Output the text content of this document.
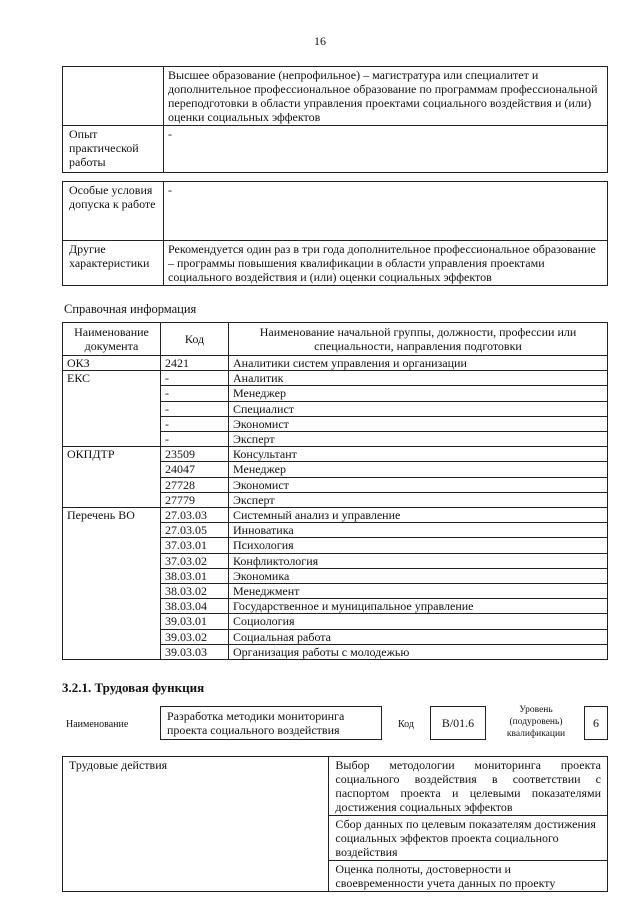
16
	Высшее образование (непрофильное) – магистратура или специалитет и дополнительное профессиональное образование по программам профессиональной переподготовки в области управления проектами социального воздействия и (или) оценки социальных эффектов
Опыт практической работы	-
Особые условия допуска к работе	-
Другие характеристики	Рекомендуется один раз в три года дополнительное профессиональное образование – программы повышения квалификации в области управления проектами социального воздействия и (или) оценки социальных эффектов
Справочная информация
Наименование документа	Код	Наименование начальной группы, должности, профессии или специальности, направления подготовки
ОКЗ	2421	Аналитики систем управления и организации
ЕКС	-	Аналитик
	-	Менеджер
	-	Специалист
	-	Экономист
	-	Эксперт
ОКПДТР	23509	Консультант
	24047	Менеджер
	27728	Экономист
	27779	Эксперт
Перечень ВО	27.03.03	Системный анализ и управление
	27.03.05	Инноватика
	37.03.01	Психология
	37.03.02	Конфликтология
	38.03.01	Экономика
	38.03.02	Менеджмент
	38.03.04	Государственное и муниципальное управление
	39.03.01	Социология
	39.03.02	Социальная работа
	39.03.03	Организация работы с молодежью
3.2.1. Трудовая функция
Наименование
Разработка методики мониторинга проекта социального воздействия	Код	B/01.6
Уровень (подуровень) квалификации
6
Трудовые действия	Выбор методологии мониторинга проекта социального воздействия в соответствии с паспортом проекта и целевыми показателями достижения социальных эффектов
Сбор данных по целевым показателям достижения социальных эффектов проекта социального воздействия
Оценка полноты, достоверности и своевременности учета данных по проекту
